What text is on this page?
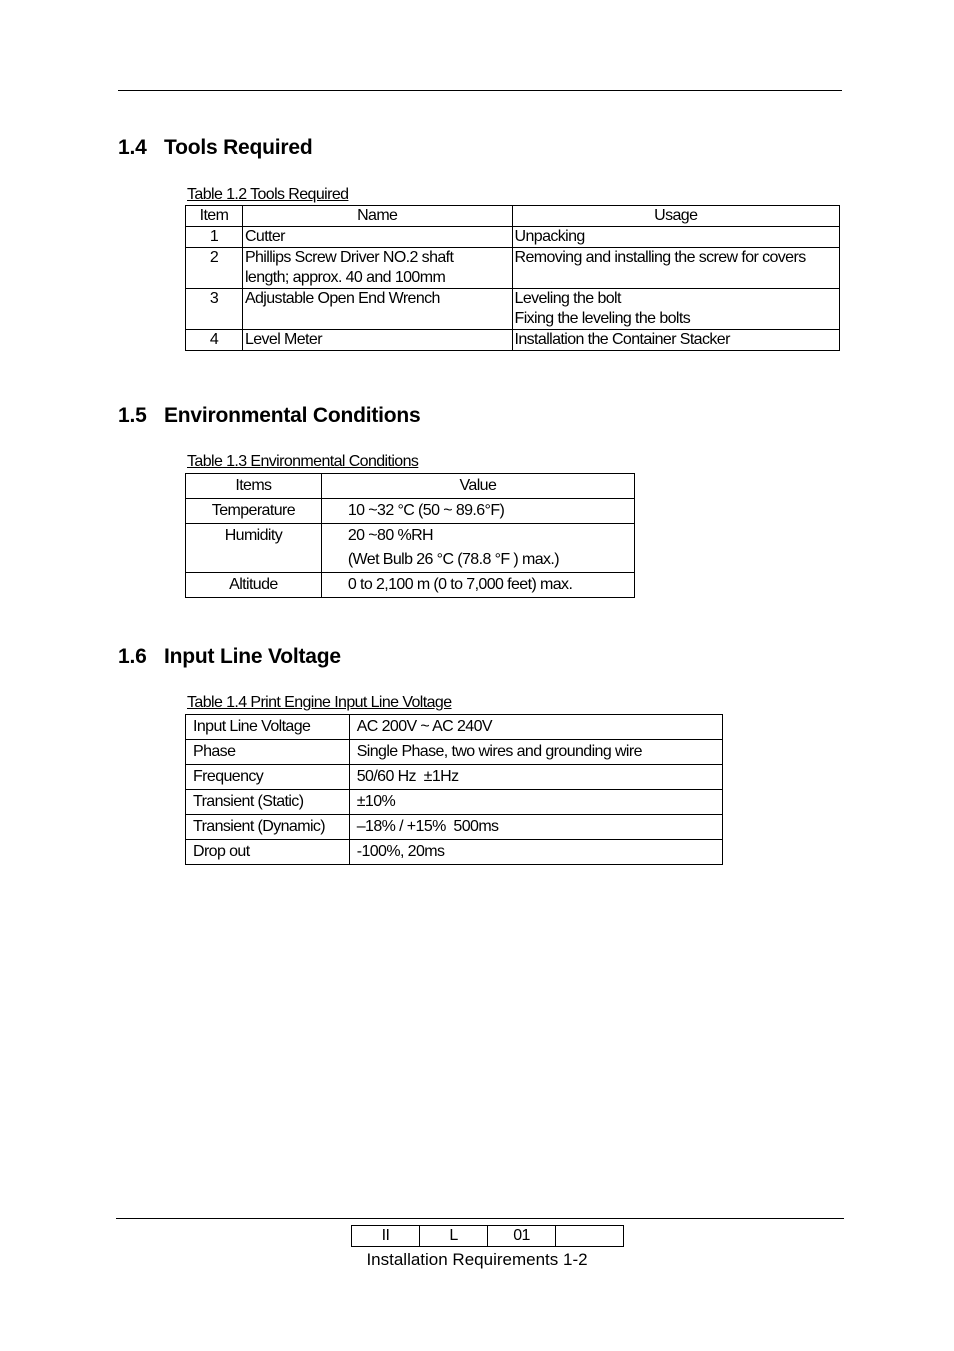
1.4 Tools Required

Table 1.2 Tools Required

Item	Name	Usage
1	Cutter	Unpacking

2	Phillips Screw Driver NO.2 shaft
length; approx. 40 and 100mm	Removing and installing the screw for covers

3	Adjustable Open End Wrench	Leveling the bolt
Fixing the leveling the bolts

4	Level Meter	Installation the Container Stacker
1.5 Environmental Conditions

Table 1.3 Environmental Conditions

Items	Value
Temperature	10 ~32 °C (50 ~ 89.6°F)

Humidity	20 ~80 %RH
(Wet Bulb 26 °C (78.8 °F ) max.)

Altitude	0 to 2,100 m (0 to 7,000 feet) max.
1.6 Input Line Voltage

Table 1.4 Print Engine Input Line Voltage

Input Line Voltage	AC 200V ~ AC 240V
Phase	Single Phase, two wires and grounding wire
Frequency	50/60 Hz  ±1Hz
Transient (Static)	±10%
Transient (Dynamic)	–18% / +15%  500ms
Drop out	-100%, 20ms
II	L	01	
Installation Requirements 1-2
